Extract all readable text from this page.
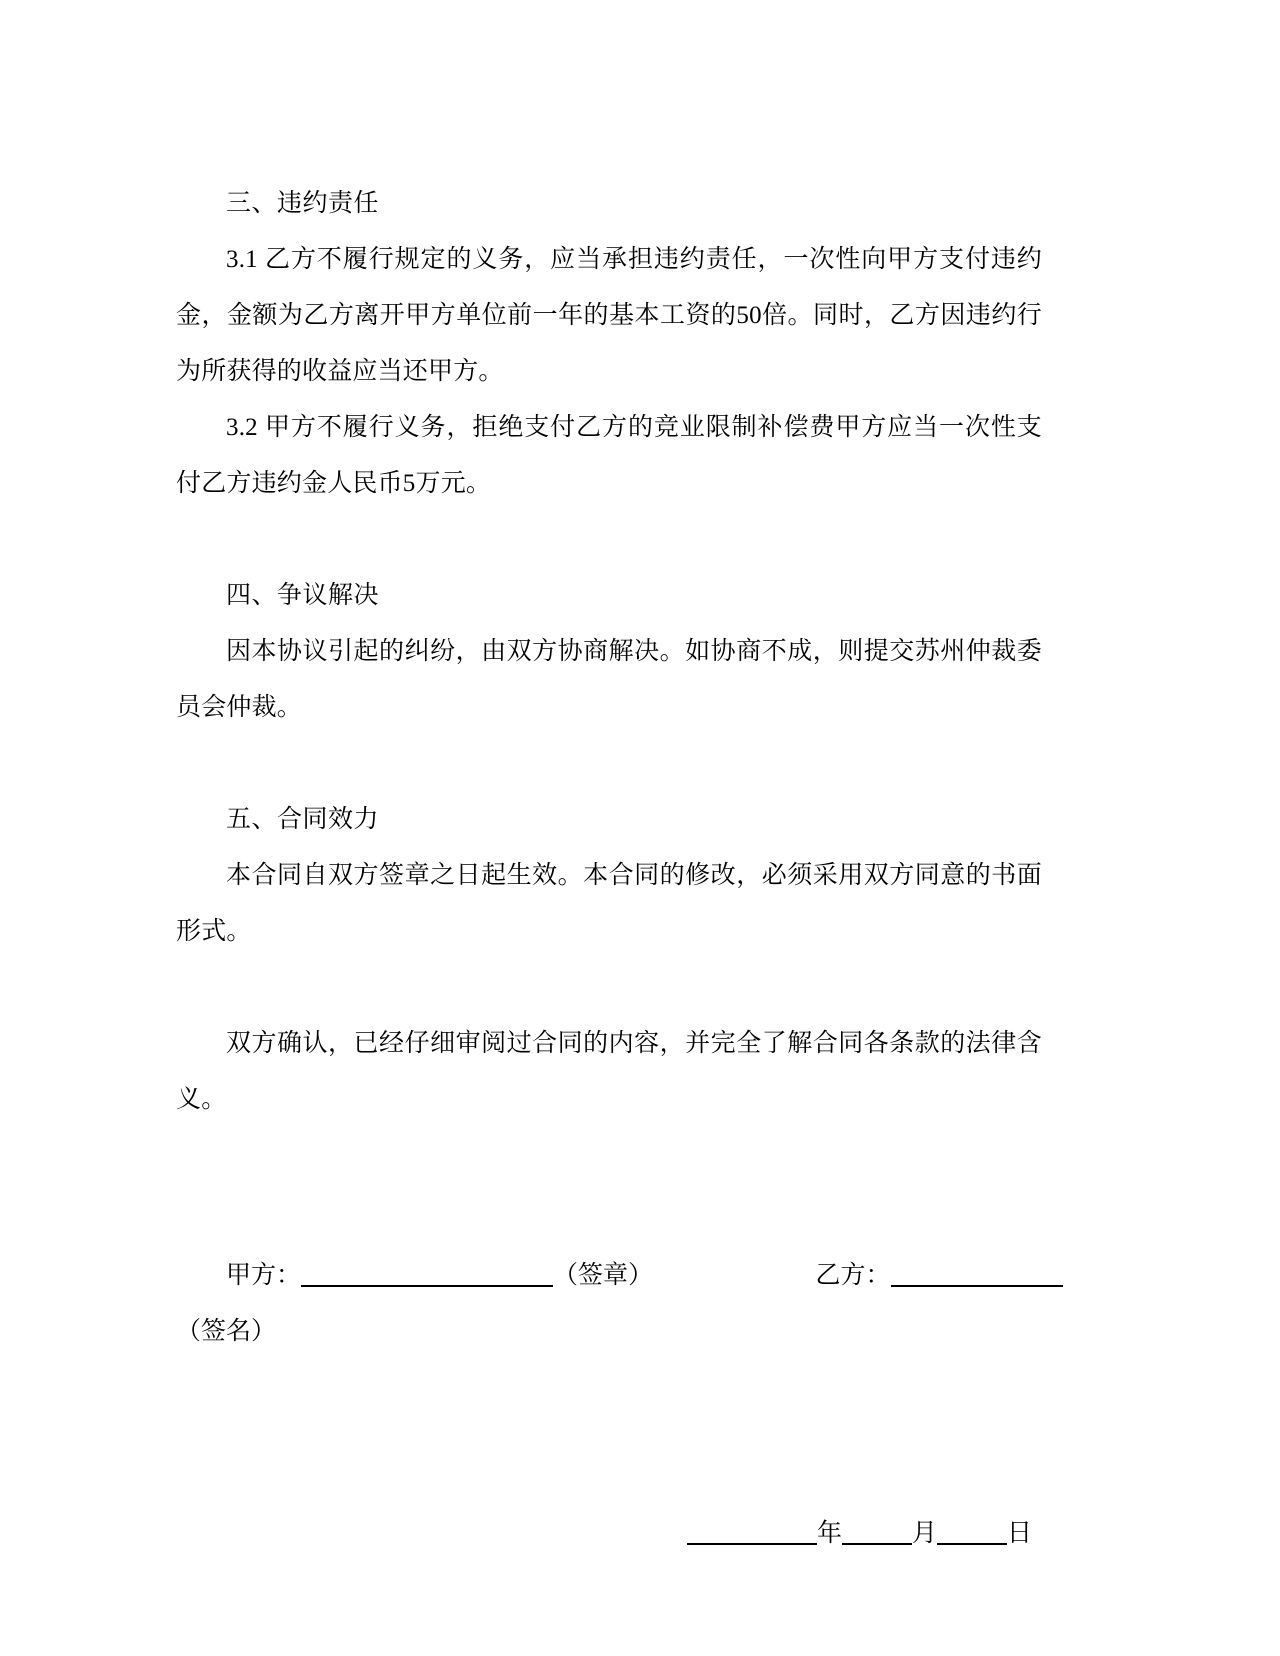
三、违约责任

3.1 乙方不履行规定的义务，应当承担违约责任，一次性向甲方支付违约金，金额为乙方离开甲方单位前一年的基本工资的50倍。同时，乙方因违约行为所获得的收益应当还甲方。

3.2 甲方不履行义务，拒绝支付乙方的竞业限制补偿费甲方应当一次性支付乙方违约金人民币5万元。

四、争议解决

因本协议引起的纠纷，由双方协商解决。如协商不成，则提交苏州仲裁委员会仲裁。

五、合同效力

本合同自双方签章之日起生效。本合同的修改，必须采用双方同意的书面形式。

双方确认，已经仔细审阅过合同的内容，并完全了解合同各条款的法律含义。

甲方：	（签章）	乙方：

（签名）

年	月	日
